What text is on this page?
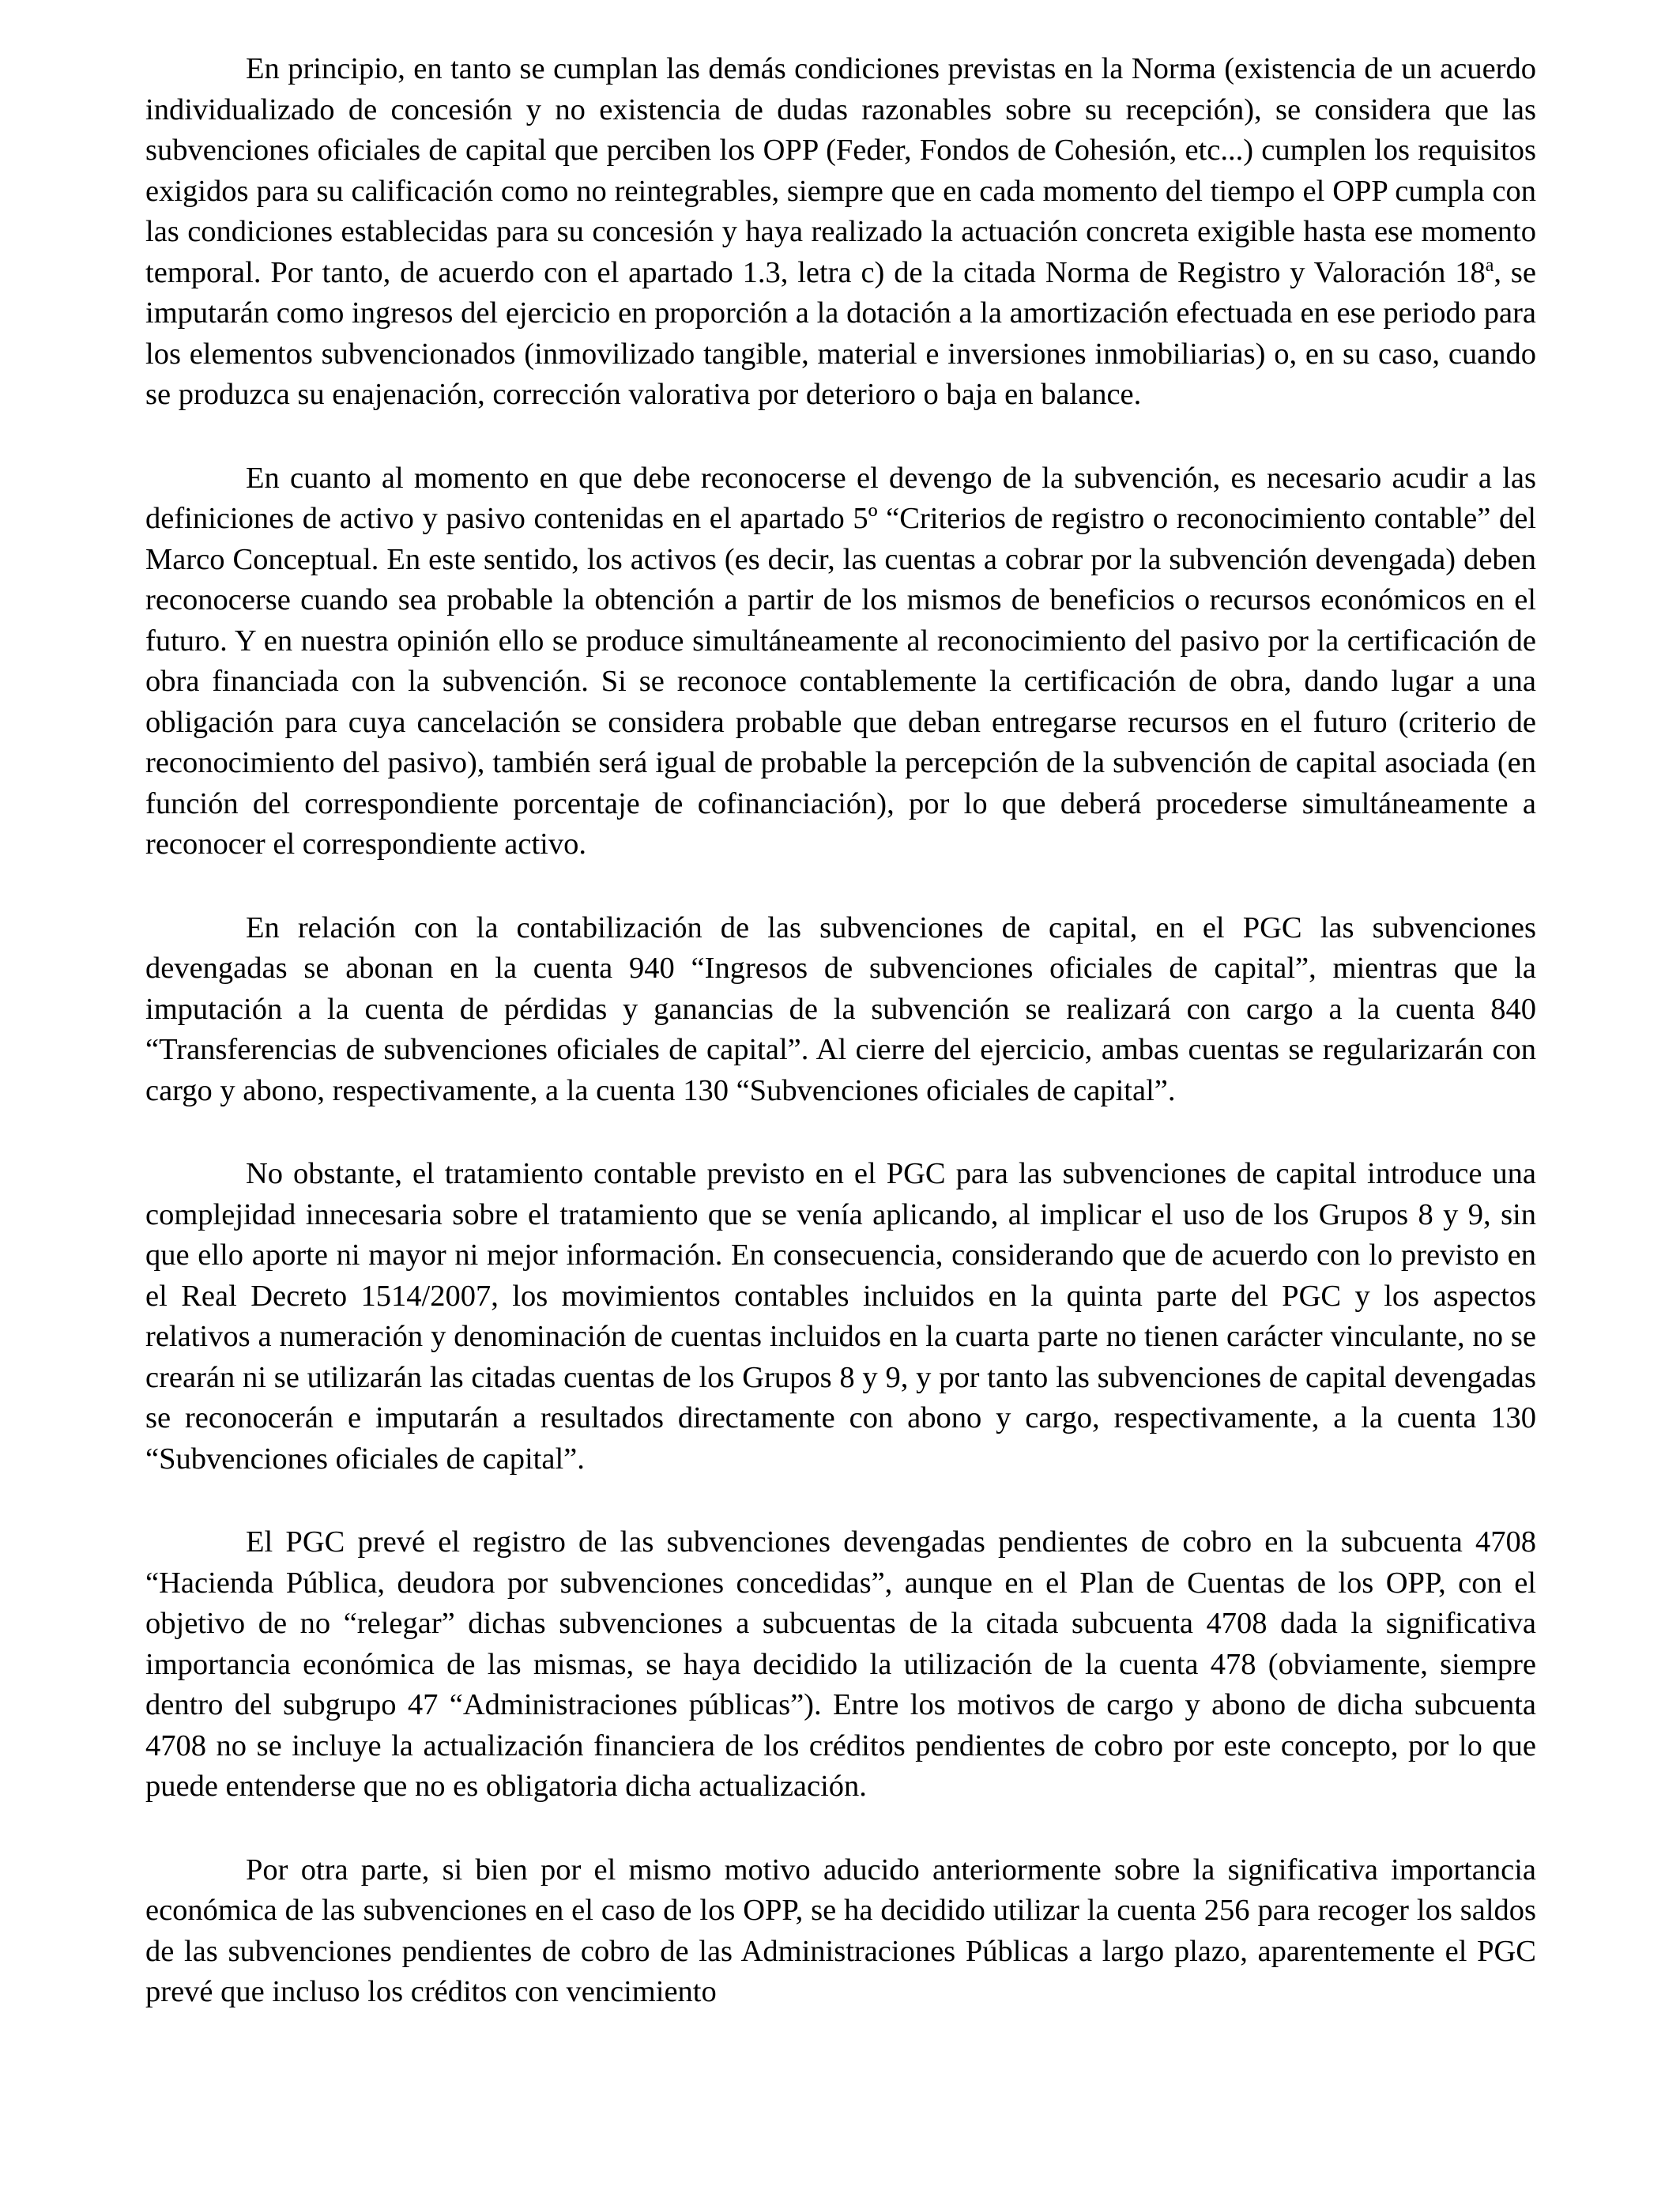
En principio, en tanto se cumplan las demás condiciones previstas en la Norma (existencia de un acuerdo individualizado de concesión y no existencia de dudas razonables sobre su recepción), se considera que las subvenciones oficiales de capital que perciben los OPP (Feder, Fondos de Cohesión, etc...) cumplen los requisitos exigidos para su calificación como no reintegrables, siempre que en cada momento del tiempo el OPP cumpla con las condiciones establecidas para su concesión y haya realizado la actuación concreta exigible hasta ese momento temporal. Por tanto, de acuerdo con el apartado 1.3, letra c) de la citada Norma de Registro y Valoración 18$^a$, se imputarán como ingresos del ejercicio en proporción a la dotación a la amortización efectuada en ese periodo para los elementos subvencionados (inmovilizado tangible, material e inversiones inmobiliarias) o, en su caso, cuando se produzca su enajenación, corrección valorativa por deterioro o baja en balance.

En cuanto al momento en que debe reconocerse el devengo de la subvención, es necesario acudir a las definiciones de activo y pasivo contenidas en el apartado 5º “Criterios de registro o reconocimiento contable” del Marco Conceptual. En este sentido, los activos (es decir, las cuentas a cobrar por la subvención devengada) deben reconocerse cuando sea probable la obtención a partir de los mismos de beneficios o recursos económicos en el futuro. Y en nuestra opinión ello se produce simultáneamente al reconocimiento del pasivo por la certificación de obra financiada con la subvención. Si se reconoce contablemente la certificación de obra, dando lugar a una obligación para cuya cancelación se considera probable que deban entregarse recursos en el futuro (criterio de reconocimiento del pasivo), también será igual de probable la percepción de la subvención de capital asociada (en función del correspondiente porcentaje de cofinanciación), por lo que deberá procederse simultáneamente a reconocer el correspondiente activo.

En relación con la contabilización de las subvenciones de capital, en el PGC las subvenciones devengadas se abonan en la cuenta 940 “Ingresos de subvenciones oficiales de capital”, mientras que la imputación a la cuenta de pérdidas y ganancias de la subvención se realizará con cargo a la cuenta 840 “Transferencias de subvenciones oficiales de capital”. Al cierre del ejercicio, ambas cuentas se regularizarán con cargo y abono, respectivamente, a la cuenta 130 “Subvenciones oficiales de capital”.

No obstante, el tratamiento contable previsto en el PGC para las subvenciones de capital introduce una complejidad innecesaria sobre el tratamiento que se venía aplicando, al implicar el uso de los Grupos 8 y 9, sin que ello aporte ni mayor ni mejor información. En consecuencia, considerando que de acuerdo con lo previsto en el Real Decreto 1514/2007, los movimientos contables incluidos en la quinta parte del PGC y los aspectos relativos a numeración y denominación de cuentas incluidos en la cuarta parte no tienen carácter vinculante, no se crearán ni se utilizarán las citadas cuentas de los Grupos 8 y 9, y por tanto las subvenciones de capital devengadas se reconocerán e imputarán a resultados directamente con abono y cargo, respectivamente, a la cuenta 130 “Subvenciones oficiales de capital”.

El PGC prevé el registro de las subvenciones devengadas pendientes de cobro en la subcuenta 4708 “Hacienda Pública, deudora por subvenciones concedidas”, aunque en el Plan de Cuentas de los OPP, con el objetivo de no “relegar” dichas subvenciones a subcuentas de la citada subcuenta 4708 dada la significativa importancia económica de las mismas, se haya decidido la utilización de la cuenta 478 (obviamente, siempre dentro del subgrupo 47 “Administraciones públicas”). Entre los motivos de cargo y abono de dicha subcuenta 4708 no se incluye la actualización financiera de los créditos pendientes de cobro por este concepto, por lo que puede entenderse que no es obligatoria dicha actualización.

Por otra parte, si bien por el mismo motivo aducido anteriormente sobre la significativa importancia económica de las subvenciones en el caso de los OPP, se ha decidido utilizar la cuenta 256 para recoger los saldos de las subvenciones pendientes de cobro de las Administraciones Públicas a largo plazo, aparentemente el PGC prevé que incluso los créditos con vencimiento
